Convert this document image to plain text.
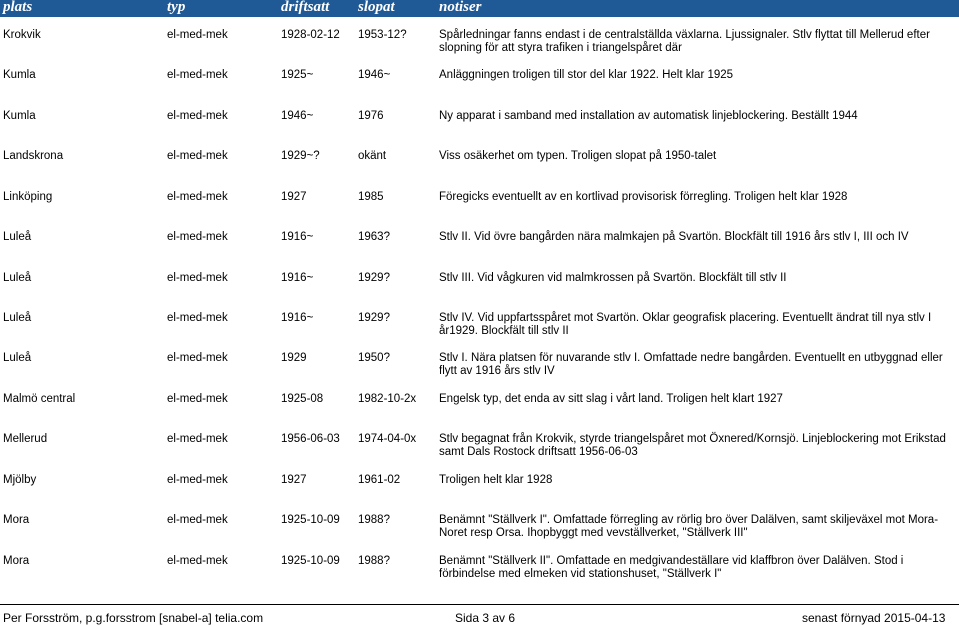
plats	typ	driftsatt slopat	notiser
Krokvik	el-med-mek	1928-02-12 1953-12?	Spårledningar fanns endast i de centralställda växlarna. Ljussignaler. Stlv flyttat till Mellerud efter slopning för att styra trafiken i triangelspåret där
Kumla	el-med-mek	1925~	1946~	Anläggningen troligen till stor del klar 1922. Helt klar 1925
Kumla	el-med-mek	1946~	1976	Ny apparat i samband med installation av automatisk linjeblockering. Beställt 1944
Landskrona	el-med-mek	1929~?	okänt	Viss osäkerhet om typen. Troligen slopat på 1950-talet
Linköping	el-med-mek	1927	1985	Föregicks eventuellt av en kortlivad provisorisk förregling. Troligen helt klar 1928
Luleå	el-med-mek	1916~	1963?	Stlv II. Vid övre bangården nära malmkajen på Svartön. Blockfält till 1916 års stlv I, III och IV
Luleå	el-med-mek	1916~	1929?	Stlv III. Vid vågkuren vid malmkrossen på Svartön. Blockfält till stlv II
Luleå	el-med-mek	1916~	1929?	Stlv IV. Vid uppfartsspåret mot Svartön. Oklar geografisk placering. Eventuellt ändrat till nya stlv I år1929. Blockfält till stlv II
Luleå	el-med-mek	1929	1950?	Stlv I. Nära platsen för nuvarande stlv I. Omfattade nedre bangården. Eventuellt en utbyggnad eller flytt av 1916 års stlv IV
Malmö central	el-med-mek	1925-08	1982-10-2x Engelsk typ, det enda av sitt slag i vårt land. Troligen helt klart 1927
Mellerud	el-med-mek	1956-06-03 1974-04-0x Stlv begagnat från Krokvik, styrde triangelspåret mot Öxnered/Kornsjö. Linjeblockering mot Erikstad samt Dals Rostock driftsatt 1956-06-03
Mjölby	el-med-mek	1927	1961-02	Troligen helt klar 1928
Mora	el-med-mek	1925-10-09 1988?	Benämnt "Ställverk I". Omfattade förregling av rörlig bro över Dalälven, samt skiljeväxel mot Mora-Noret resp Orsa. Ihopbyggt med vevställverket, "Ställverk III"
Mora	el-med-mek	1925-10-09 1988?	Benämnt "Ställverk II". Omfattade en medgivandeställare vid klaffbron över Dalälven. Stod i förbindelse med elmeken vid stationshuset, "Ställverk I"
Per Forsström, p.g.forsstrom [snabel-a] telia.com	Sida 3 av 6	senast förnyad 2015-04-13
